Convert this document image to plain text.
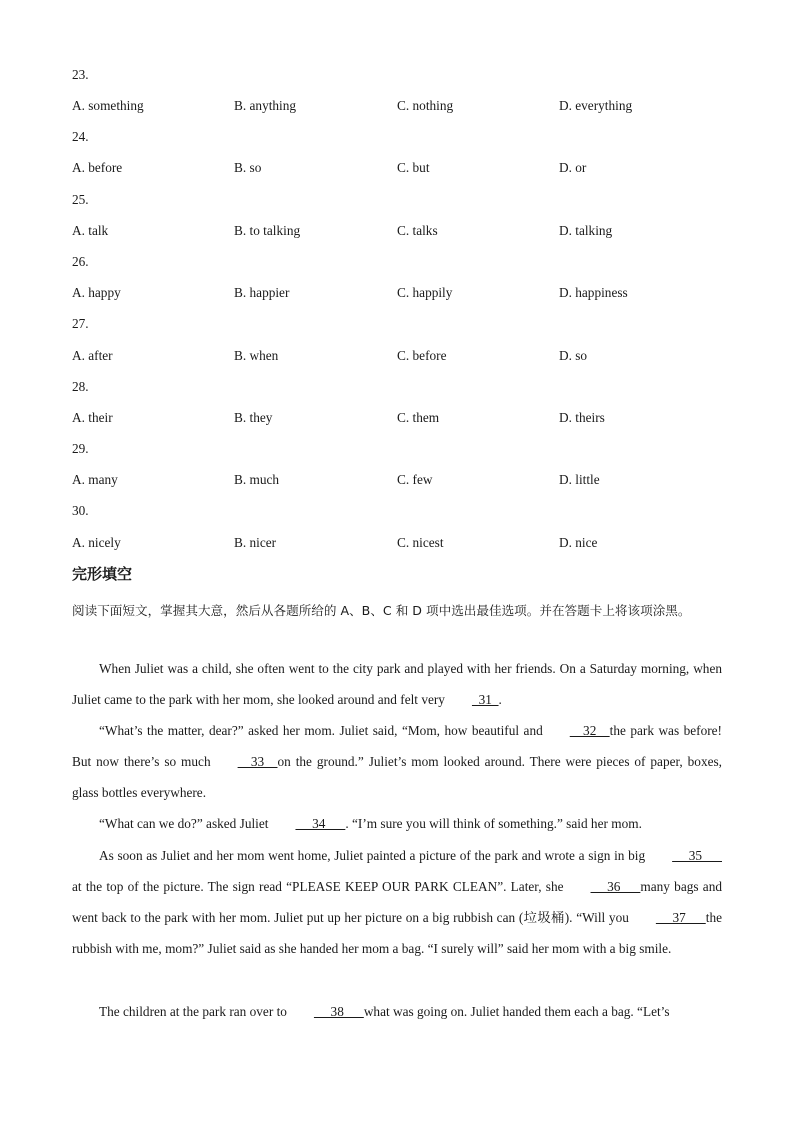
23.
A. something	B. anything	C. nothing	D. everything
24.
A. before	B. so	C. but	D. or
25.
A. talk	B. to talking	C. talks	D. talking
26.
A. happy	B. happier	C. happily	D. happiness
27.
A. after	B. when	C. before	D. so
28.
A. their	B. they	C. them	D. theirs
29.
A. many	B. much	C. few	D. little
30.
A. nicely	B. nicer	C. nicest	D. nice
完形填空
阅读下面短文，掌握其大意，然后从各题所给的 A、B、C 和 D 项中选出最佳选项。并在答题卡上将该项涂黑。

When Juliet was a child, she often went to the city park and played with her friends. On a Saturday morning, when Juliet came to the park with her mom, she looked around and felt very  31  .

“What’s the matter, dear?” asked her mom. Juliet said, “Mom, how beautiful and    32    the park was before! But now there’s so much    33    on the ground.” Juliet’s mom looked around. There were pieces of paper, boxes, glass bottles everywhere.

“What can we do?” asked Juliet     34      . “I’m sure you will think of something.” said her mom.

As soon as Juliet and her mom went home, Juliet painted a picture of the park and wrote a sign in big     35      at the top of the picture. The sign read “PLEASE KEEP OUR PARK CLEAN”. Later, she     36      many bags and went back to the park with her mom. Juliet put up her picture on a big rubbish can (垃圾桶). “Will you     37      the rubbish with me, mom?” Juliet said as she handed her mom a bag. “I surely will” said her mom with a big smile.

The children at the park ran over to     38      what was going on. Juliet handed them each a bag. “Let’s
